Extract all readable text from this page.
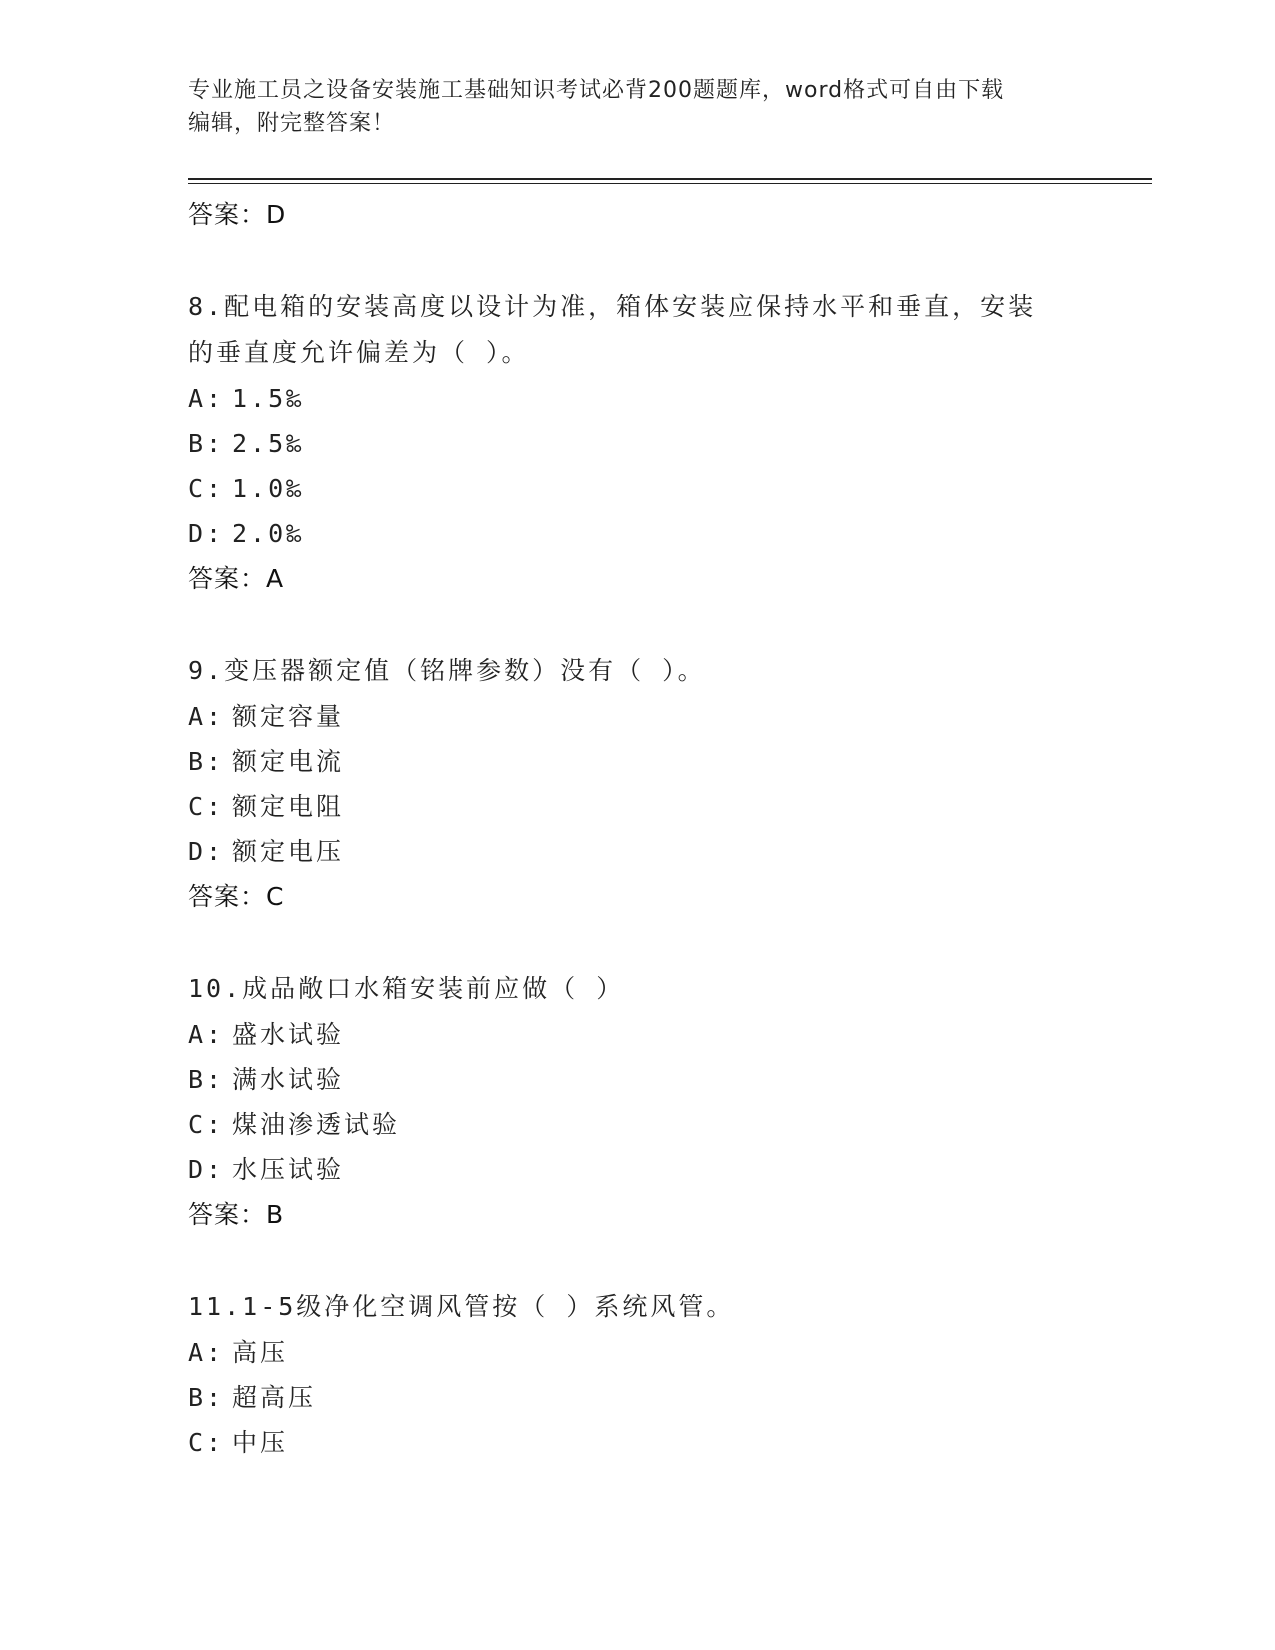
专业施工员之设备安装施工基础知识考试必背200题题库，word格式可自由下载
编辑，附完整答案！
答案：D
8.配电箱的安装高度以设计为准，箱体安装应保持水平和垂直，安装
的垂直度允许偏差为（ ）。
A: 1.5‰
B: 2.5‰
C: 1.0‰
D: 2.0‰
答案：A
9.变压器额定值（铭牌参数）没有（ ）。
A: 额定容量
B: 额定电流
C: 额定电阻
D: 额定电压
答案：C
10.成品敞口水箱安装前应做（ ）
A: 盛水试验
B: 满水试验
C: 煤油渗透试验
D: 水压试验
答案：B
11.1-5级净化空调风管按（ ）系统风管。
A: 高压
B: 超高压
C: 中压
